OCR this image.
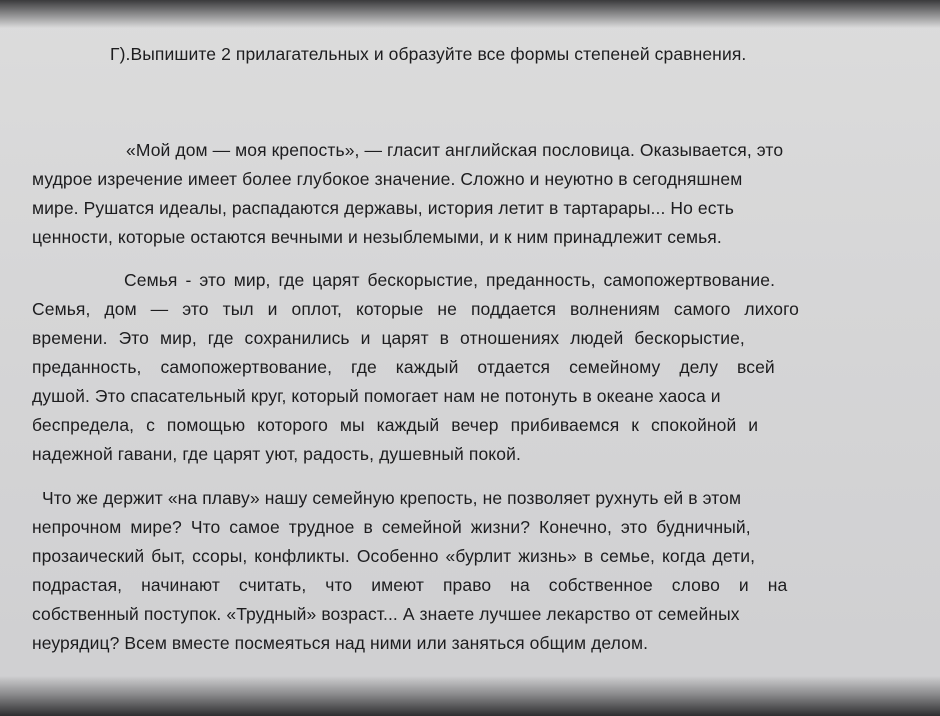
Г).Выпишите 2 прилагательных и образуйте все формы степеней сравнения.
«Мой дом — моя крепость», — гласит английская пословица. Оказывается, это
мудрое изречение имеет более глубокое значение. Сложно и неуютно в сегодняшнем
мире. Рушатся идеалы, распадаются державы, история летит в тартарары... Но есть
ценности, которые остаются вечными и незыблемыми, и к ним принадлежит семья.
Семья - это мир, где царят бескорыстие, преданность, самопожертвование.
Семья, дом — это тыл и оплот, которые не поддается волнениям самого лихого
времени. Это мир, где сохранились и царят в отношениях людей бескорыстие,
преданность, самопожертвование, где каждый отдается семейному делу всей
душой. Это спасательный круг, который помогает нам не потонуть в океане хаоса и
беспредела, с помощью которого мы каждый вечер прибиваемся к спокойной и
надежной гавани, где царят уют, радость, душевный покой.
Что же держит «на плаву» нашу семейную крепость, не позволяет рухнуть ей в этом
непрочном мире? Что самое трудное в семейной жизни? Конечно, это будничный,
прозаический быт, ссоры, конфликты. Особенно «бурлит жизнь» в семье, когда дети,
подрастая, начинают считать, что имеют право на собственное слово и на
собственный поступок. «Трудный» возраст... А знаете лучшее лекарство от семейных
неурядиц? Всем вместе посмеяться над ними или заняться общим делом.
